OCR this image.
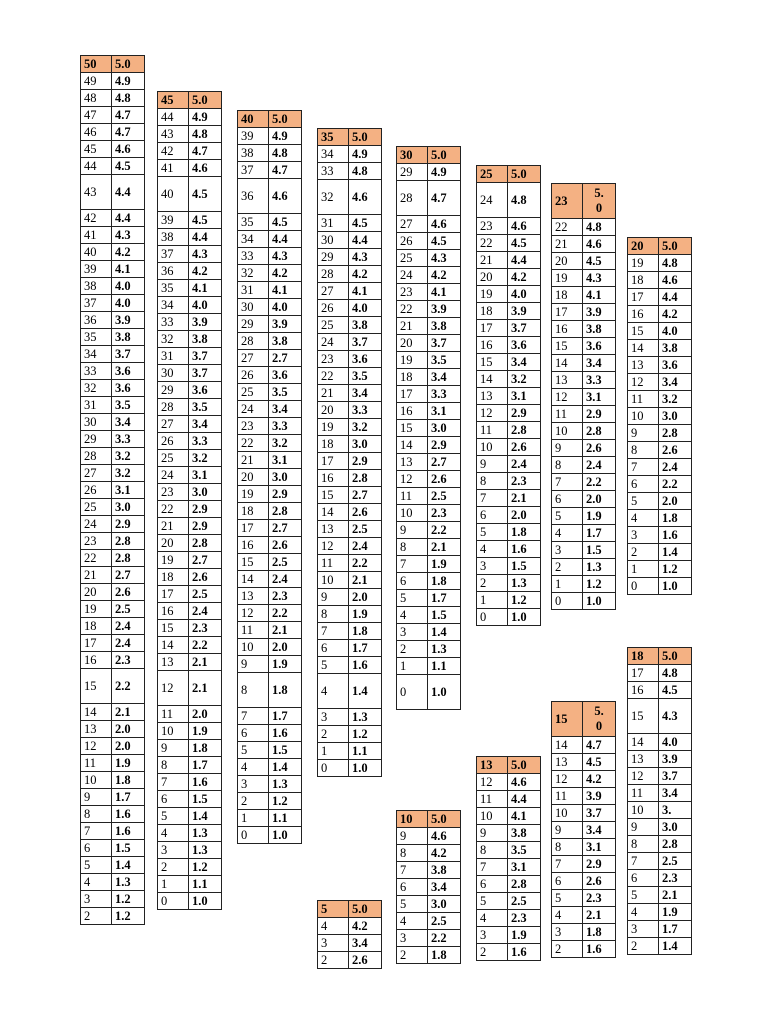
50	5.0
49	4.9
48	4.8
47	4.7
46	4.7
45	4.6
44	4.5
43	4.4
42	4.4
41	4.3
40	4.2
39	4.1
38	4.0
37	4.0
36	3.9
35	3.8
34	3.7
33	3.6
32	3.6
31	3.5
30	3.4
29	3.3
28	3.2
27	3.2
26	3.1
25	3.0
24	2.9
23	2.8
22	2.8
21	2.7
20	2.6
19	2.5
18	2.4
17	2.4
16	2.3
15	2.2
14	2.1
13	2.0
12	2.0
11	1.9
10	1.8
9	1.7
8	1.6
7	1.6
6	1.5
5	1.4
4	1.3
3	1.2
2	1.2
45	5.0
44	4.9
43	4.8
42	4.7
41	4.6
40	4.5
39	4.5
38	4.4
37	4.3
36	4.2
35	4.1
34	4.0
33	3.9
32	3.8
31	3.7
30	3.7
29	3.6
28	3.5
27	3.4
26	3.3
25	3.2
24	3.1
23	3.0
22	2.9
21	2.9
20	2.8
19	2.7
18	2.6
17	2.5
16	2.4
15	2.3
14	2.2
13	2.1
12	2.1
11	2.0
10	1.9
9	1.8
8	1.7
7	1.6
6	1.5
5	1.4
4	1.3
3	1.3
2	1.2
1	1.1
0	1.0
40	5.0
39	4.9
38	4.8
37	4.7
36	4.6
35	4.5
34	4.4
33	4.3
32	4.2
31	4.1
30	4.0
29	3.9
28	3.8
27	2.7
26	3.6
25	3.5
24	3.4
23	3.3
22	3.2
21	3.1
20	3.0
19	2.9
18	2.8
17	2.7
16	2.6
15	2.5
14	2.4
13	2.3
12	2.2
11	2.1
10	2.0
9	1.9
8	1.8
7	1.7
6	1.6
5	1.5
4	1.4
3	1.3
2	1.2
1	1.1
0	1.0
35	5.0
34	4.9
33	4.8
32	4.6
31	4.5
30	4.4
29	4.3
28	4.2
27	4.1
26	4.0
25	3.8
24	3.7
23	3.6
22	3.5
21	3.4
20	3.3
19	3.2
18	3.0
17	2.9
16	2.8
15	2.7
14	2.6
13	2.5
12	2.4
11	2.2
10	2.1
9	2.0
8	1.9
7	1.8
6	1.7
5	1.6
4	1.4
3	1.3
2	1.2
1	1.1
0	1.0
30	5.0
29	4.9
28	4.7
27	4.6
26	4.5
25	4.3
24	4.2
23	4.1
22	3.9
21	3.8
20	3.7
19	3.5
18	3.4
17	3.3
16	3.1
15	3.0
14	2.9
13	2.7
12	2.6
11	2.5
10	2.3
9	2.2
8	2.1
7	1.9
6	1.8
5	1.7
4	1.5
3	1.4
2	1.3
1	1.1
0	1.0
25	5.0
24	4.8
23	4.6
22	4.5
21	4.4
20	4.2
19	4.0
18	3.9
17	3.7
16	3.6
15	3.4
14	3.2
13	3.1
12	2.9
11	2.8
10	2.6
9	2.4
8	2.3
7	2.1
6	2.0
5	1.8
4	1.6
3	1.5
2	1.3
1	1.2
0	1.0
23	5.
0
22	4.8
21	4.6
20	4.5
19	4.3
18	4.1
17	3.9
16	3.8
15	3.6
14	3.4
13	3.3
12	3.1
11	2.9
10	2.8
9	2.6
8	2.4
7	2.2
6	2.0
5	1.9
4	1.7
3	1.5
2	1.3
1	1.2
0	1.0
20	5.0
19	4.8
18	4.6
17	4.4
16	4.2
15	4.0
14	3.8
13	3.6
12	3.4
11	3.2
10	3.0
9	2.8
8	2.6
7	2.4
6	2.2
5	2.0
4	1.8
3	1.6
2	1.4
1	1.2
0	1.0
18	5.0
17	4.8
16	4.5
15	4.3
14	4.0
13	3.9
12	3.7
11	3.4
10	3.
9	3.0
8	2.8
7	2.5
6	2.3
5	2.1
4	1.9
3	1.7
2	1.4
15	5.
0
14	4.7
13	4.5
12	4.2
11	3.9
10	3.7
9	3.4
8	3.1
7	2.9
6	2.6
5	2.3
4	2.1
3	1.8
2	1.6
13	5.0
12	4.6
11	4.4
10	4.1
9	3.8
8	3.5
7	3.1
6	2.8
5	2.5
4	2.3
3	1.9
2	1.6
10	5.0
9	4.6
8	4.2
7	3.8
6	3.4
5	3.0
4	2.5
3	2.2
2	1.8
5	5.0
4	4.2
3	3.4
2	2.6
